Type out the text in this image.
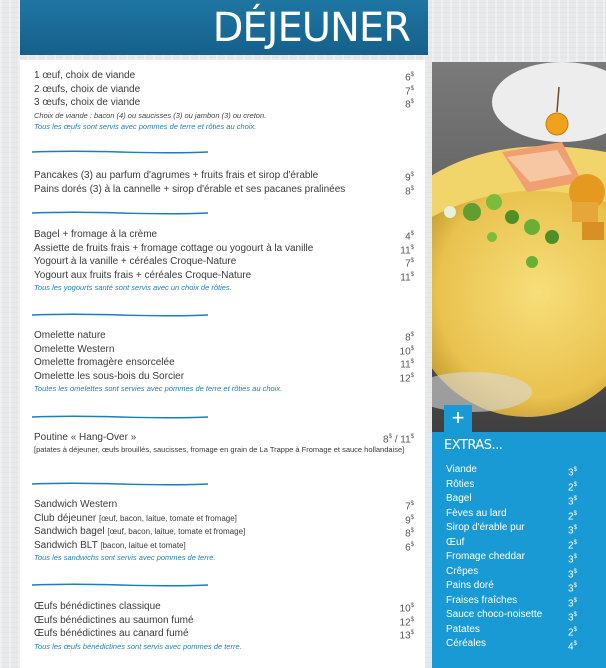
DÉJEUNER
1 œuf, choix de viande	6$
2 œufs, choix de viande	7$
3 œufs, choix de viande	8$
Choix de viande : bacon (4) ou saucisses (3) ou jambon (3) ou creton.
Tous les œufs sont servis avec pommes de terre et rôties au choix.
Pancakes (3) au parfum d'agrumes + fruits frais et sirop d'érable	9$
Pains dorés (3) à la cannelle + sirop d'érable et ses pacanes pralinées	8$
Bagel + fromage à la crème	4$
Assiette de fruits frais + fromage cottage ou yogourt à la vanille	11$
Yogourt à la vanille + céréales Croque-Nature	7$
Yogourt aux fruits frais + céréales Croque-Nature	11$
Tous les yogourts santé sont servis avec un choix de rôties.
Omelette nature	8$
Omelette Western	10$
Omelette fromagère ensorcelée	11$
Omelette les sous-bois du Sorcier	12$
Toutes les omelettes sont servies avec pommes de terre et rôties au choix.
Poutine « Hang-Over »	8$ / 11$
[patates à déjeuner, œufs brouillés, saucisses, fromage en grain de La Trappe à Fromage et sauce hollandaise]
Sandwich Western	7$
Club déjeuner [œuf, bacon, laitue, tomate et fromage]	9$
Sandwich bagel [œuf, bacon, laitue, tomate et fromage]	8$
Sandwich BLT [bacon, laitue et tomate]	6$
Tous les sandwichs sont servis avec pommes de terre.
Œufs bénédictines classique	10$
Œufs bénédictines au saumon fumé	12$
Œufs bénédictines au canard fumé	13$
Tous les œufs bénédictines sont servis avec pommes de terre.
+
EXTRAS...
Viande	3$
Rôties	2$
Bagel	3$
Fèves au lard	2$
Sirop d'érable pur	3$
Œuf	2$
Fromage cheddar	3$
Crêpes	3$
Pains doré	3$
Fraises fraîches	3$
Sauce choco-noisette	3$
Patates	2$
Céréales	4$
